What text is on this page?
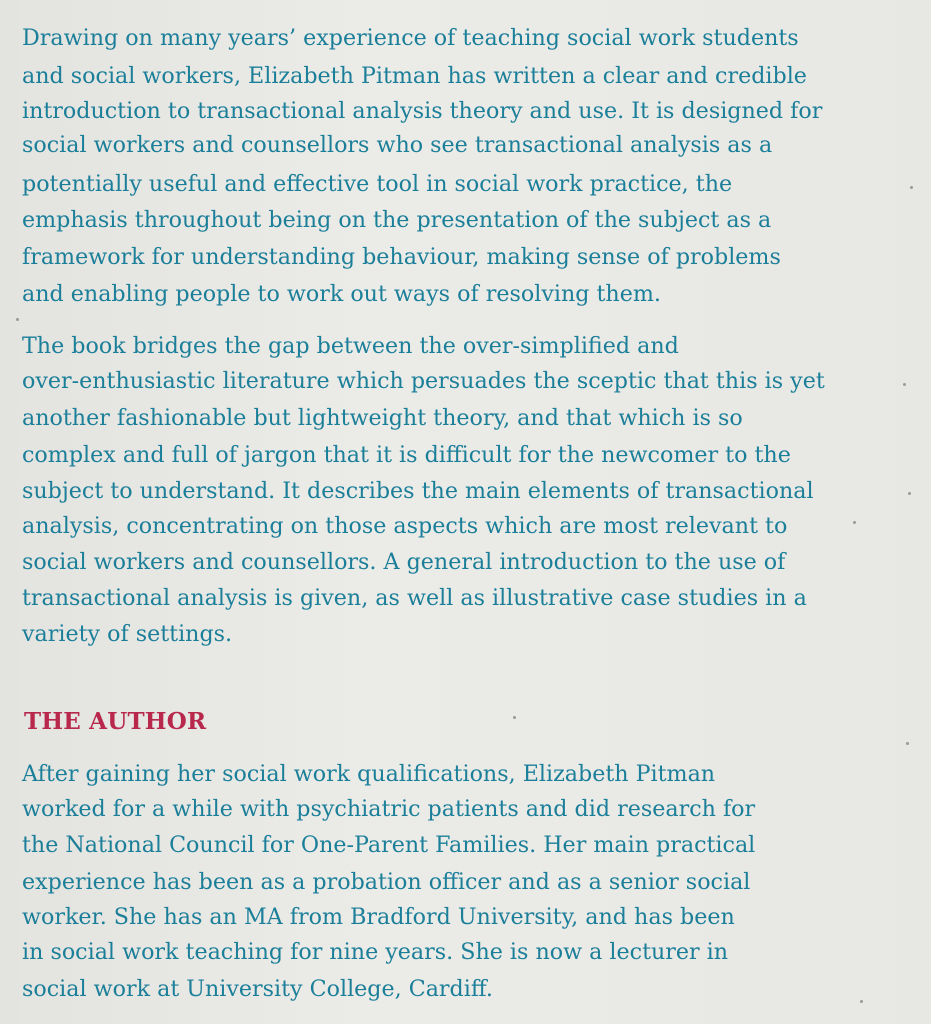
Drawing on many years’ experience of teaching social work students

and social workers, Elizabeth Pitman has written a clear and credible

introduction to transactional analysis theory and use. It is designed for

social workers and counsellors who see transactional analysis as a

potentially useful and effective tool in social work practice, the

emphasis throughout being on the presentation of the subject as a

framework for understanding behaviour, making sense of problems

and enabling people to work out ways of resolving them.

The book bridges the gap between the over-simplified and

over-enthusiastic literature which persuades the sceptic that this is yet

another fashionable but lightweight theory, and that which is so

complex and full of jargon that it is difficult for the newcomer to the

subject to understand. It describes the main elements of transactional

analysis, concentrating on those aspects which are most relevant to

social workers and counsellors. A general introduction to the use of

transactional analysis is given, as well as illustrative case studies in a

variety of settings.

THE AUTHOR

After gaining her social work qualifications, Elizabeth Pitman

worked for a while with psychiatric patients and did research for

the National Council for One-Parent Families. Her main practical

experience has been as a probation officer and as a senior social

worker. She has an MA from Bradford University, and has been

in social work teaching for nine years. She is now a lecturer in

social work at University College, Cardiff.
